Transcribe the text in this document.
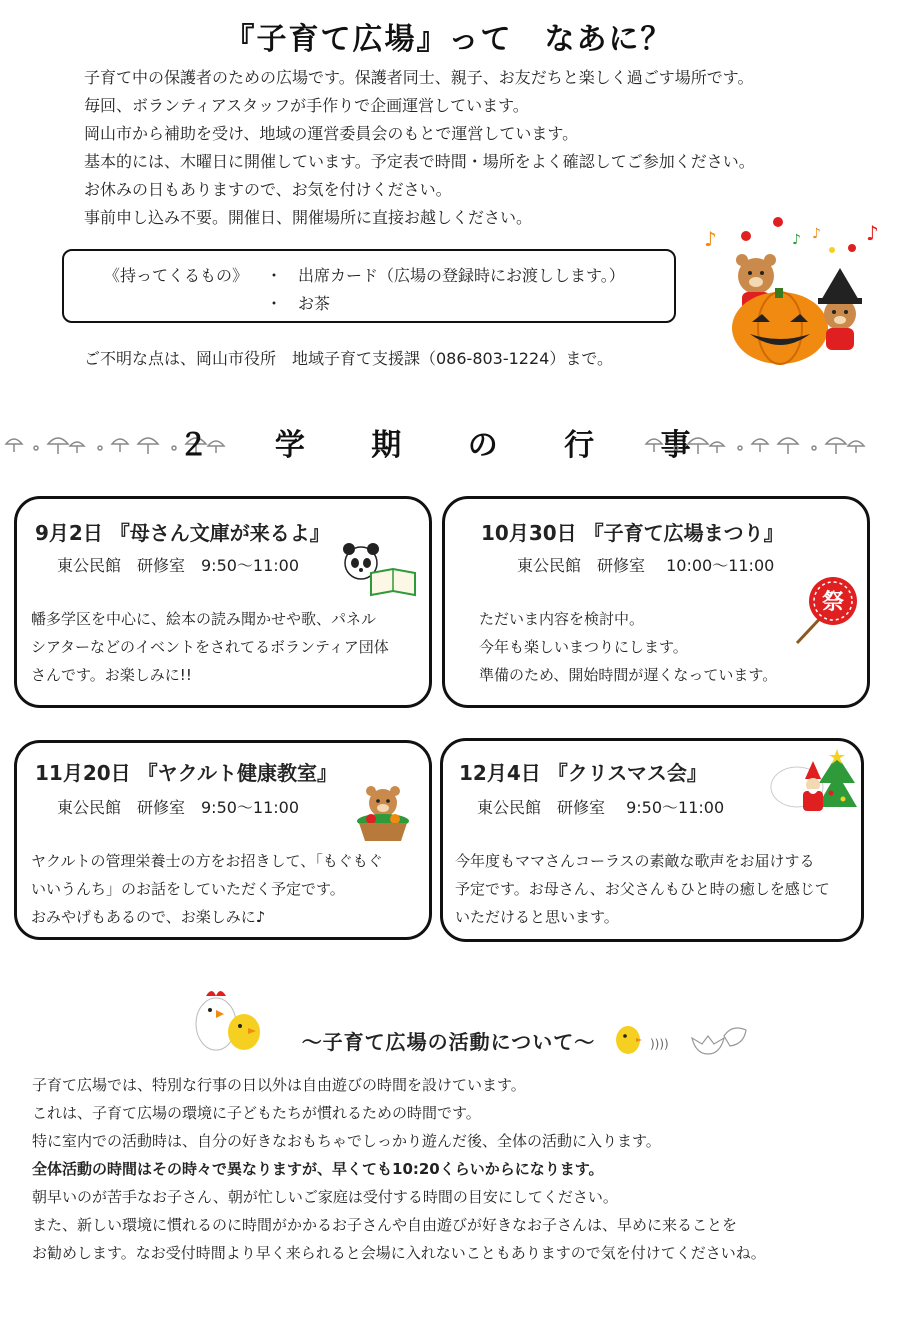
『子育て広場』って　なあに？
子育て中の保護者のための広場です。保護者同士、親子、お友だちと楽しく過ごす場所です。
毎回、ボランティアスタッフが手作りで企画運営しています。
岡山市から補助を受け、地域の運営委員会のもとで運営しています。
基本的には、木曜日に開催しています。予定表で時間・場所をよく確認してご参加ください。
お休みの日もありますので、お気を付けください。
事前申し込み不要。開催日、開催場所に直接お越しください。
《持ってくるもの》 ・　出席カード（広場の登録時にお渡しします。）
・　お茶
ご不明な点は、岡山市役所　地域子育て支援課（086-803-1224）まで。
♪	♪
♪ ♪
２ 学 期 の 行 事
9月2日 『母さん文庫が来るよ』
東公民館　研修室　9:50〜11:00
幡多学区を中心に、絵本の読み聞かせや歌、パネル
シアターなどのイベントをされてるボランティア団体
さんです。お楽しみに!!
10月30日 『子育て広場まつり』
東公民館　研修室　 10:00〜11:00
ただいま内容を検討中。
今年も楽しいまつりにします。
準備のため、開始時間が遅くなっています。
祭
11月20日 『ヤクルト健康教室』
東公民館　研修室　9:50〜11:00
ヤクルトの管理栄養士の方をお招きして、「もぐもぐ
いいうんち」のお話をしていただく予定です。
おみやげもあるので、お楽しみに♪
12月4日 『クリスマス会』
東公民館　研修室　 9:50〜11:00
今年度もママさんコーラスの素敵な歌声をお届けする
予定です。お母さん、お父さんもひと時の癒しを感じて
いただけると思います。
〜子育て広場の活動について〜	))))
子育て広場では、特別な行事の日以外は自由遊びの時間を設けています。
これは、子育て広場の環境に子どもたちが慣れるための時間です。
特に室内での活動時は、自分の好きなおもちゃでしっかり遊んだ後、全体の活動に入ります。
全体活動の時間はその時々で異なりますが、早くても10:20くらいからになります。
朝早いのが苦手なお子さん、朝が忙しいご家庭は受付する時間の目安にしてください。
また、新しい環境に慣れるのに時間がかかるお子さんや自由遊びが好きなお子さんは、早めに来ることを
お勧めします。なお受付時間より早く来られると会場に入れないこともありますので気を付けてくださいね。
